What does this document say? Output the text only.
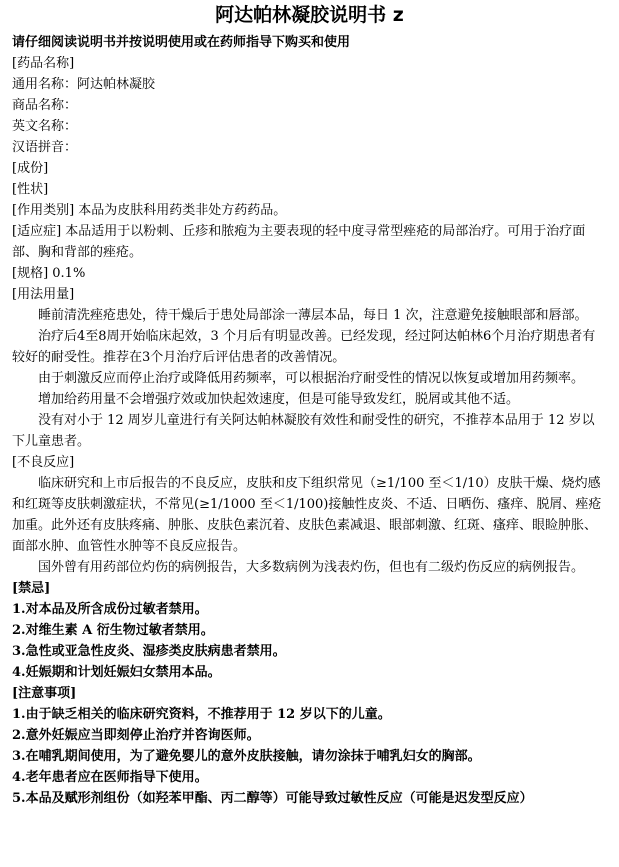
阿达帕林凝胶说明书 z
请仔细阅读说明书并按说明使用或在药师指导下购买和使用
[药品名称]
通用名称：阿达帕林凝胶
商品名称：
英文名称：
汉语拼音：
[成份]
[性状]
[作用类别] 本品为皮肤科用药类非处方药药品。
[适应症] 本品适用于以粉刺、丘疹和脓疱为主要表现的轻中度寻常型痤疮的局部治疗。可用于治疗面部、胸和背部的痤疮。
[规格] 0.1%
[用法用量]
睡前清洗痤疮患处，待干燥后于患处局部涂一薄层本品，每日 1 次，注意避免接触眼部和唇部。
治疗后4至8周开始临床起效，3 个月后有明显改善。已经发现，经过阿达帕林6个月治疗期患者有较好的耐受性。推荐在3个月治疗后评估患者的改善情况。
由于刺激反应而停止治疗或降低用药频率，可以根据治疗耐受性的情况以恢复或增加用药频率。
增加给药用量不会增强疗效或加快起效速度，但是可能导致发红，脱屑或其他不适。
没有对小于 12 周岁儿童进行有关阿达帕林凝胶有效性和耐受性的研究，不推荐本品用于 12 岁以下儿童患者。
[不良反应]
临床研究和上市后报告的不良反应，皮肤和皮下组织常见（≥1/100 至＜1/10）皮肤干燥、烧灼感和红斑等皮肤刺激症状，不常见(≥1/1000 至＜1/100)接触性皮炎、不适、日晒伤、瘙痒、脱屑、痤疮加重。此外还有皮肤疼痛、肿胀、皮肤色素沉着、皮肤色素减退、眼部刺激、红斑、瘙痒、眼睑肿胀、面部水肿、血管性水肿等不良反应报告。
国外曾有用药部位灼伤的病例报告，大多数病例为浅表灼伤，但也有二级灼伤反应的病例报告。
[禁忌]
1.对本品及所含成份过敏者禁用。
2.对维生素 A 衍生物过敏者禁用。
3.急性或亚急性皮炎、湿疹类皮肤病患者禁用。
4.妊娠期和计划妊娠妇女禁用本品。
[注意事项]
1.由于缺乏相关的临床研究资料，不推荐用于 12 岁以下的儿童。
2.意外妊娠应当即刻停止治疗并咨询医师。
3.在哺乳期间使用，为了避免婴儿的意外皮肤接触，请勿涂抹于哺乳妇女的胸部。
4.老年患者应在医师指导下使用。
5.本品及赋形剂组份（如羟苯甲酯、丙二醇等）可能导致过敏性反应（可能是迟发型反应）
